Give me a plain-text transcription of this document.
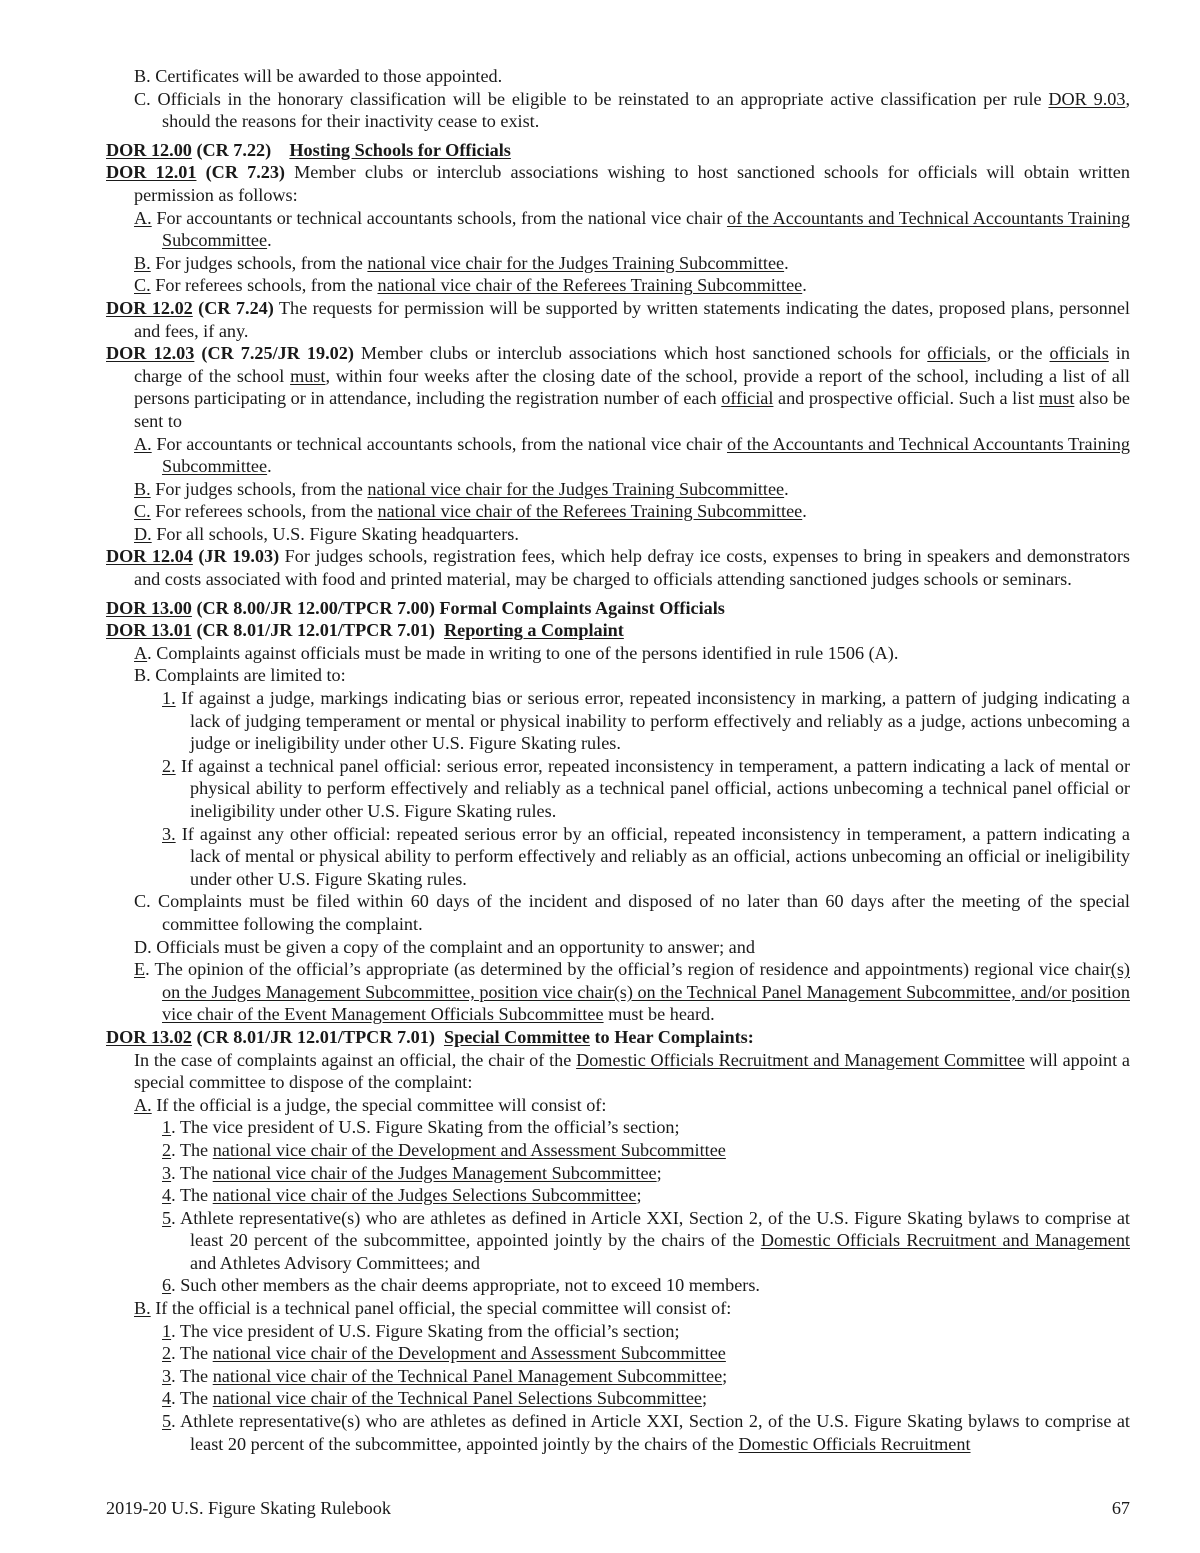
B. Certificates will be awarded to those appointed.

C. Officials in the honorary classification will be eligible to be reinstated to an appropriate active classification per rule DOR 9.03, should the reasons for their inactivity cease to exist.

DOR 12.00 (CR 7.22)    Hosting Schools for Officials

DOR 12.01 (CR 7.23) Member clubs or interclub associations wishing to host sanctioned schools for officials will obtain written permission as follows:

A. For accountants or technical accountants schools, from the national vice chair of the Accountants and Technical Accountants Training Subcommittee.

B. For judges schools, from the national vice chair for the Judges Training Subcommittee.

C. For referees schools, from the national vice chair of the Referees Training Subcommittee.

DOR 12.02 (CR 7.24) The requests for permission will be supported by written statements indicating the dates, proposed plans, personnel and fees, if any.

DOR 12.03 (CR 7.25/JR 19.02) Member clubs or interclub associations which host sanctioned schools for officials, or the officials in charge of the school must, within four weeks after the closing date of the school, provide a report of the school, including a list of all persons participating or in attendance, including the registration number of each official and prospective official. Such a list must also be sent to

A. For accountants or technical accountants schools, from the national vice chair of the Accountants and Technical Accountants Training Subcommittee.

B. For judges schools, from the national vice chair for the Judges Training Subcommittee.

C. For referees schools, from the national vice chair of the Referees Training Subcommittee.

D. For all schools, U.S. Figure Skating headquarters.

DOR 12.04 (JR 19.03) For judges schools, registration fees, which help defray ice costs, expenses to bring in speakers and demonstrators and costs associated with food and printed material, may be charged to officials attending sanctioned judges schools or seminars.

DOR 13.00 (CR 8.00/JR 12.00/TPCR 7.00) Formal Complaints Against Officials

DOR 13.01 (CR 8.01/JR 12.01/TPCR 7.01)  Reporting a Complaint

A. Complaints against officials must be made in writing to one of the persons identified in rule 1506 (A).

B. Complaints are limited to:

1. If against a judge, markings indicating bias or serious error, repeated inconsistency in marking, a pattern of judging indicating a lack of judging temperament or mental or physical inability to perform effectively and reliably as a judge, actions unbecoming a judge or ineligibility under other U.S. Figure Skating rules.

2. If against a technical panel official: serious error, repeated inconsistency in temperament, a pattern indicating a lack of mental or physical ability to perform effectively and reliably as a technical panel official, actions unbecoming a technical panel official or ineligibility under other U.S. Figure Skating rules.

3. If against any other official: repeated serious error by an official, repeated inconsistency in temperament, a pattern indicating a lack of mental or physical ability to perform effectively and reliably as an official, actions unbecoming an official or ineligibility under other U.S. Figure Skating rules.

C. Complaints must be filed within 60 days of the incident and disposed of no later than 60 days after the meeting of the special committee following the complaint.

D. Officials must be given a copy of the complaint and an opportunity to answer; and

E. The opinion of the official’s appropriate (as determined by the official’s region of residence and appointments) regional vice chair(s) on the Judges Management Subcommittee, position vice chair(s) on the Technical Panel Management Subcommittee, and/or position vice chair of the Event Management Officials Subcommittee must be heard.

DOR 13.02 (CR 8.01/JR 12.01/TPCR 7.01)  Special Committee to Hear Complaints:

In the case of complaints against an official, the chair of the Domestic Officials Recruitment and Management Committee will appoint a special committee to dispose of the complaint:

A. If the official is a judge, the special committee will consist of:

1. The vice president of U.S. Figure Skating from the official’s section;

2. The national vice chair of the Development and Assessment Subcommittee

3. The national vice chair of the Judges Management Subcommittee;

4. The national vice chair of the Judges Selections Subcommittee;

5. Athlete representative(s) who are athletes as defined in Article XXI, Section 2, of the U.S. Figure Skating bylaws to comprise at least 20 percent of the subcommittee, appointed jointly by the chairs of the Domestic Officials Recruitment and Management and Athletes Advisory Committees; and

6. Such other members as the chair deems appropriate, not to exceed 10 members.

B. If the official is a technical panel official, the special committee will consist of:

1. The vice president of U.S. Figure Skating from the official’s section;

2. The national vice chair of the Development and Assessment Subcommittee

3. The national vice chair of the Technical Panel Management Subcommittee;

4. The national vice chair of the Technical Panel Selections Subcommittee;

5. Athlete representative(s) who are athletes as defined in Article XXI, Section 2, of the U.S. Figure Skating bylaws to comprise at least 20 percent of the subcommittee, appointed jointly by the chairs of the Domestic Officials Recruitment

2019-20 U.S. Figure Skating Rulebook	67
